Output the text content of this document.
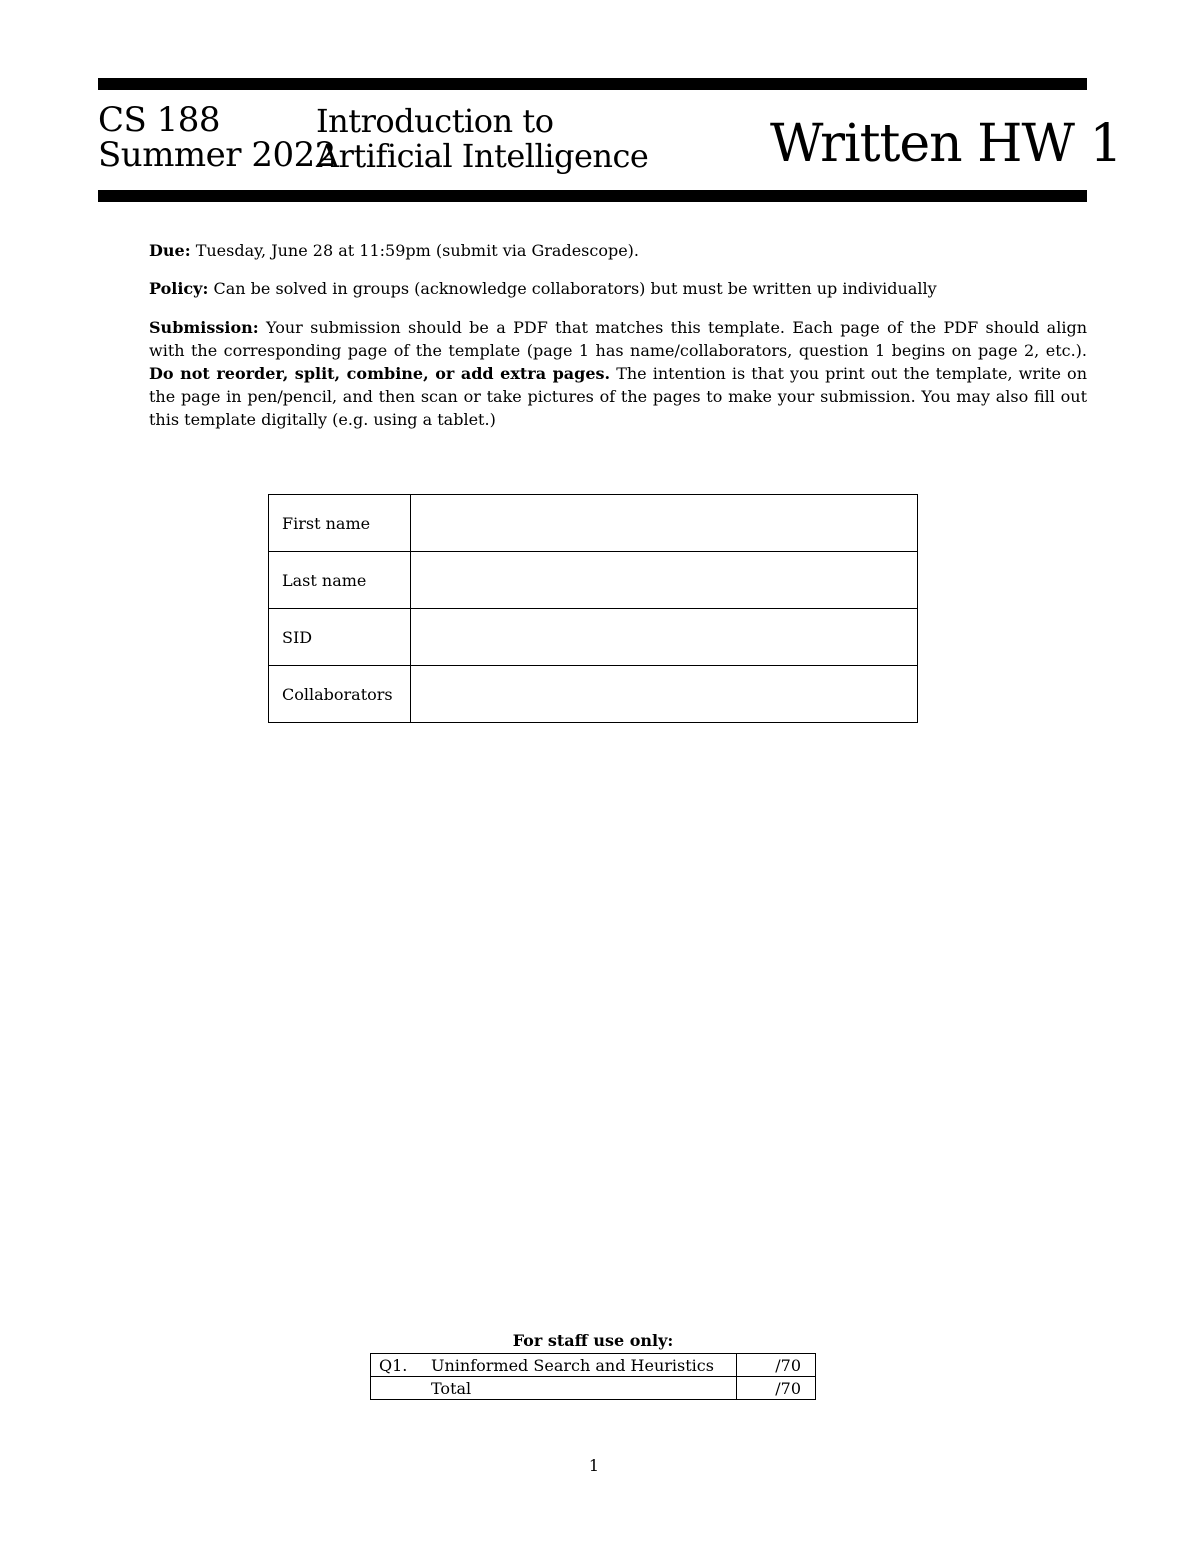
CS 188
Summer 2022
Introduction to
Artificial Intelligence Written HW 1
Due: Tuesday, June 28 at 11:59pm (submit via Gradescope).
Policy: Can be solved in groups (acknowledge collaborators) but must be written up individually
Submission: Your submission should be a PDF that matches this template. Each page of the PDF should align with the corresponding page of the template (page 1 has name/collaborators, question 1 begins on page 2, etc.). Do not reorder, split, combine, or add extra pages. The intention is that you print out the template, write on the page in pen/pencil, and then scan or take pictures of the pages to make your submission. You may also fill out this template digitally (e.g. using a tablet.)
First name	
Last name	
SID	
Collaborators	
For staff use only:
Q1.	Uninformed Search and Heuristics	/70
	Total	/70
1
